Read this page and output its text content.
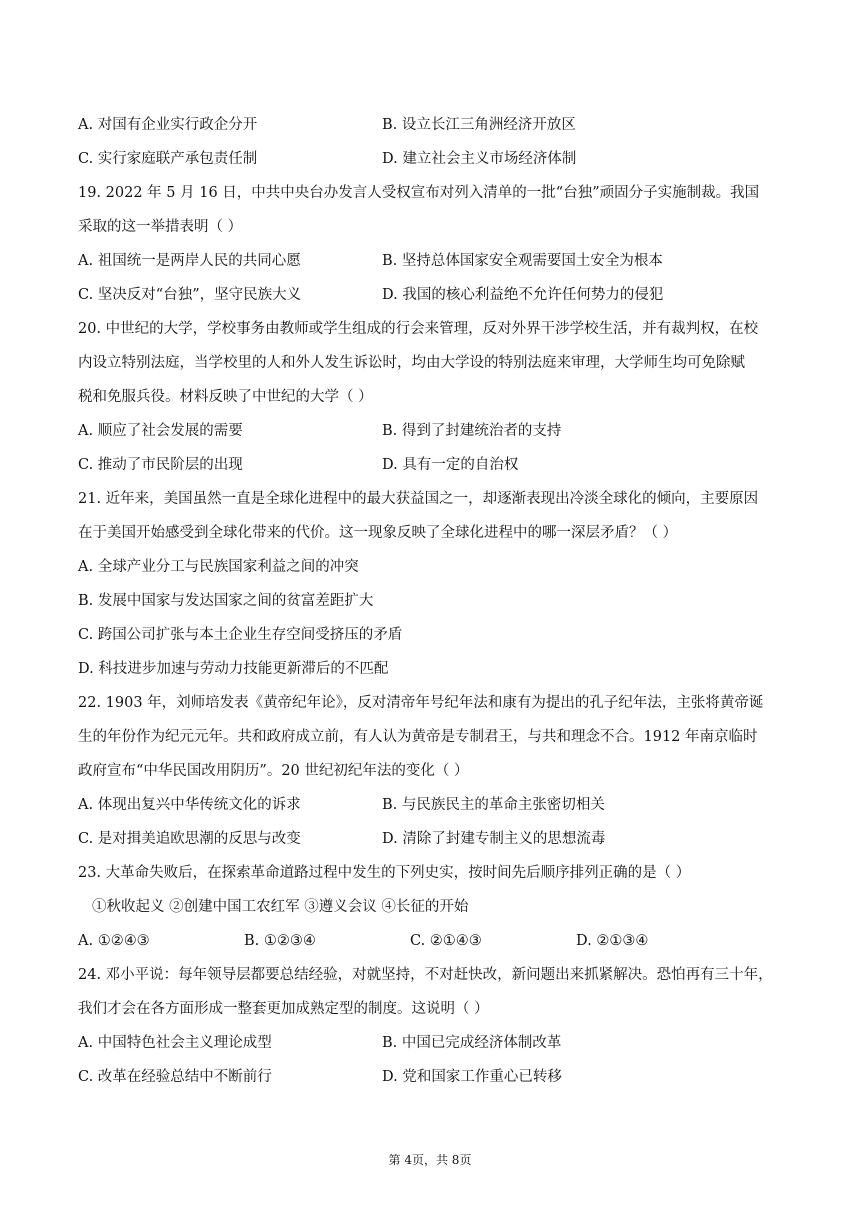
A. 对国有企业实行政企分开	B. 设立长江三角洲经济开放区
C. 实行家庭联产承包责任制	D. 建立社会主义市场经济体制
19. 2022 年 5 月 16 日，中共中央台办发言人受权宣布对列入清单的一批“台独”顽固分子实施制裁。我国
采取的这一举措表明（ ）
A. 祖国统一是两岸人民的共同心愿	B. 坚持总体国家安全观需要国土安全为根本
C. 坚决反对“台独”，坚守民族大义	D. 我国的核心利益绝不允许任何势力的侵犯
20. 中世纪的大学，学校事务由教师或学生组成的行会来管理，反对外界干涉学校生活，并有裁判权，在校
内设立特别法庭，当学校里的人和外人发生诉讼时，均由大学设的特别法庭来审理，大学师生均可免除赋
税和免服兵役。材料反映了中世纪的大学（ ）
A. 顺应了社会发展的需要	B. 得到了封建统治者的支持
C. 推动了市民阶层的出现	D. 具有一定的自治权
21. 近年来，美国虽然一直是全球化进程中的最大获益国之一，却逐渐表现出冷淡全球化的倾向，主要原因
在于美国开始感受到全球化带来的代价。这一现象反映了全球化进程中的哪一深层矛盾？（ ）
A. 全球产业分工与民族国家利益之间的冲突
B. 发展中国家与发达国家之间的贫富差距扩大
C. 跨国公司扩张与本土企业生存空间受挤压的矛盾
D. 科技进步加速与劳动力技能更新滞后的不匹配
22. 1903 年，刘师培发表《黄帝纪年论》，反对清帝年号纪年法和康有为提出的孔子纪年法，主张将黄帝诞
生的年份作为纪元元年。共和政府成立前，有人认为黄帝是专制君王，与共和理念不合。1912 年南京临时
政府宣布“中华民国改用阴历”。20 世纪初纪年法的变化（ ）
A. 体现出复兴中华传统文化的诉求	B. 与民族民主的革命主张密切相关
C. 是对揖美追欧思潮的反思与改变	D. 清除了封建专制主义的思想流毒
23. 大革命失败后，在探索革命道路过程中发生的下列史实，按时间先后顺序排列正确的是（ ）
①秋收起义 ②创建中国工农红军 ③遵义会议 ④长征的开始
A. ①②④③	B. ①②③④	C. ②①④③	D. ②①③④
24. 邓小平说：每年领导层都要总结经验，对就坚持，不对赶快改，新问题出来抓紧解决。恐怕再有三十年，
我们才会在各方面形成一整套更加成熟定型的制度。这说明（ ）
A. 中国特色社会主义理论成型	B. 中国已完成经济体制改革
C. 改革在经验总结中不断前行	D. 党和国家工作重心已转移
第 4页，共 8页
